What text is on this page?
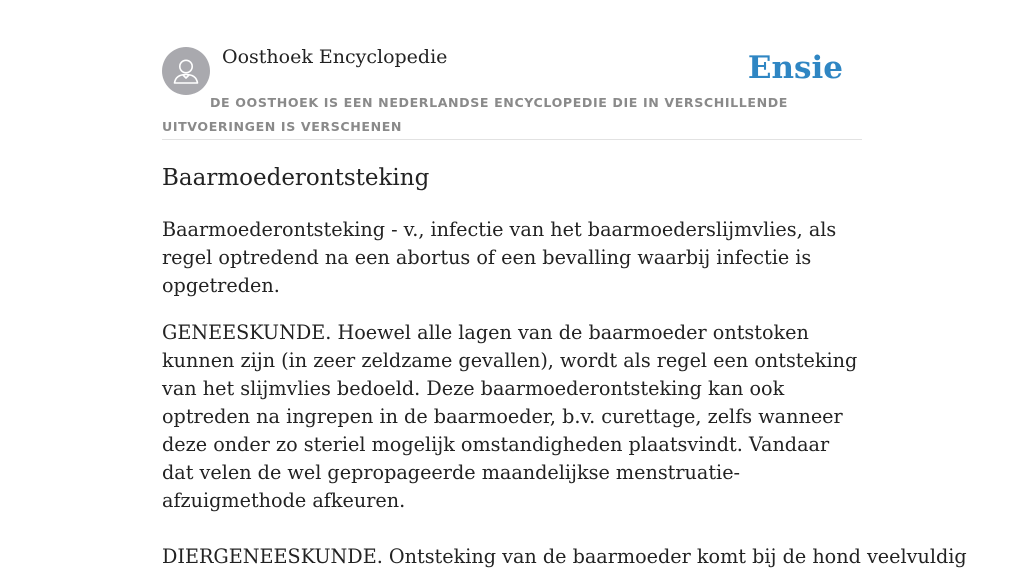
Oosthoek Encyclopedie	Ensie
DE OOSTHOEK IS EEN NEDERLANDSE ENCYCLOPEDIE DIE IN VERSCHILLENDE UITVOERINGEN IS VERSCHENEN
Baarmoederontsteking

Baarmoederontsteking - v., infectie van het baarmoederslijmvlies, als regel optredend na een abortus of een bevalling waarbij infectie is opgetreden.

GENEESKUNDE. Hoewel alle lagen van de baarmoeder ontstoken kunnen zijn (in zeer zeldzame gevallen), wordt als regel een ontsteking van het slijmvlies bedoeld. Deze baarmoederontsteking kan ook optreden na ingrepen in de baarmoeder, b.v. curettage, zelfs wanneer deze onder zo steriel mogelijk omstandigheden plaatsvindt. Vandaar dat velen de wel gepropageerde maandelijkse menstruatie-afzuigmethode afkeuren.

DIERGENEESKUNDE. Ontsteking van de baarmoeder komt bij de hond veelvuldig
